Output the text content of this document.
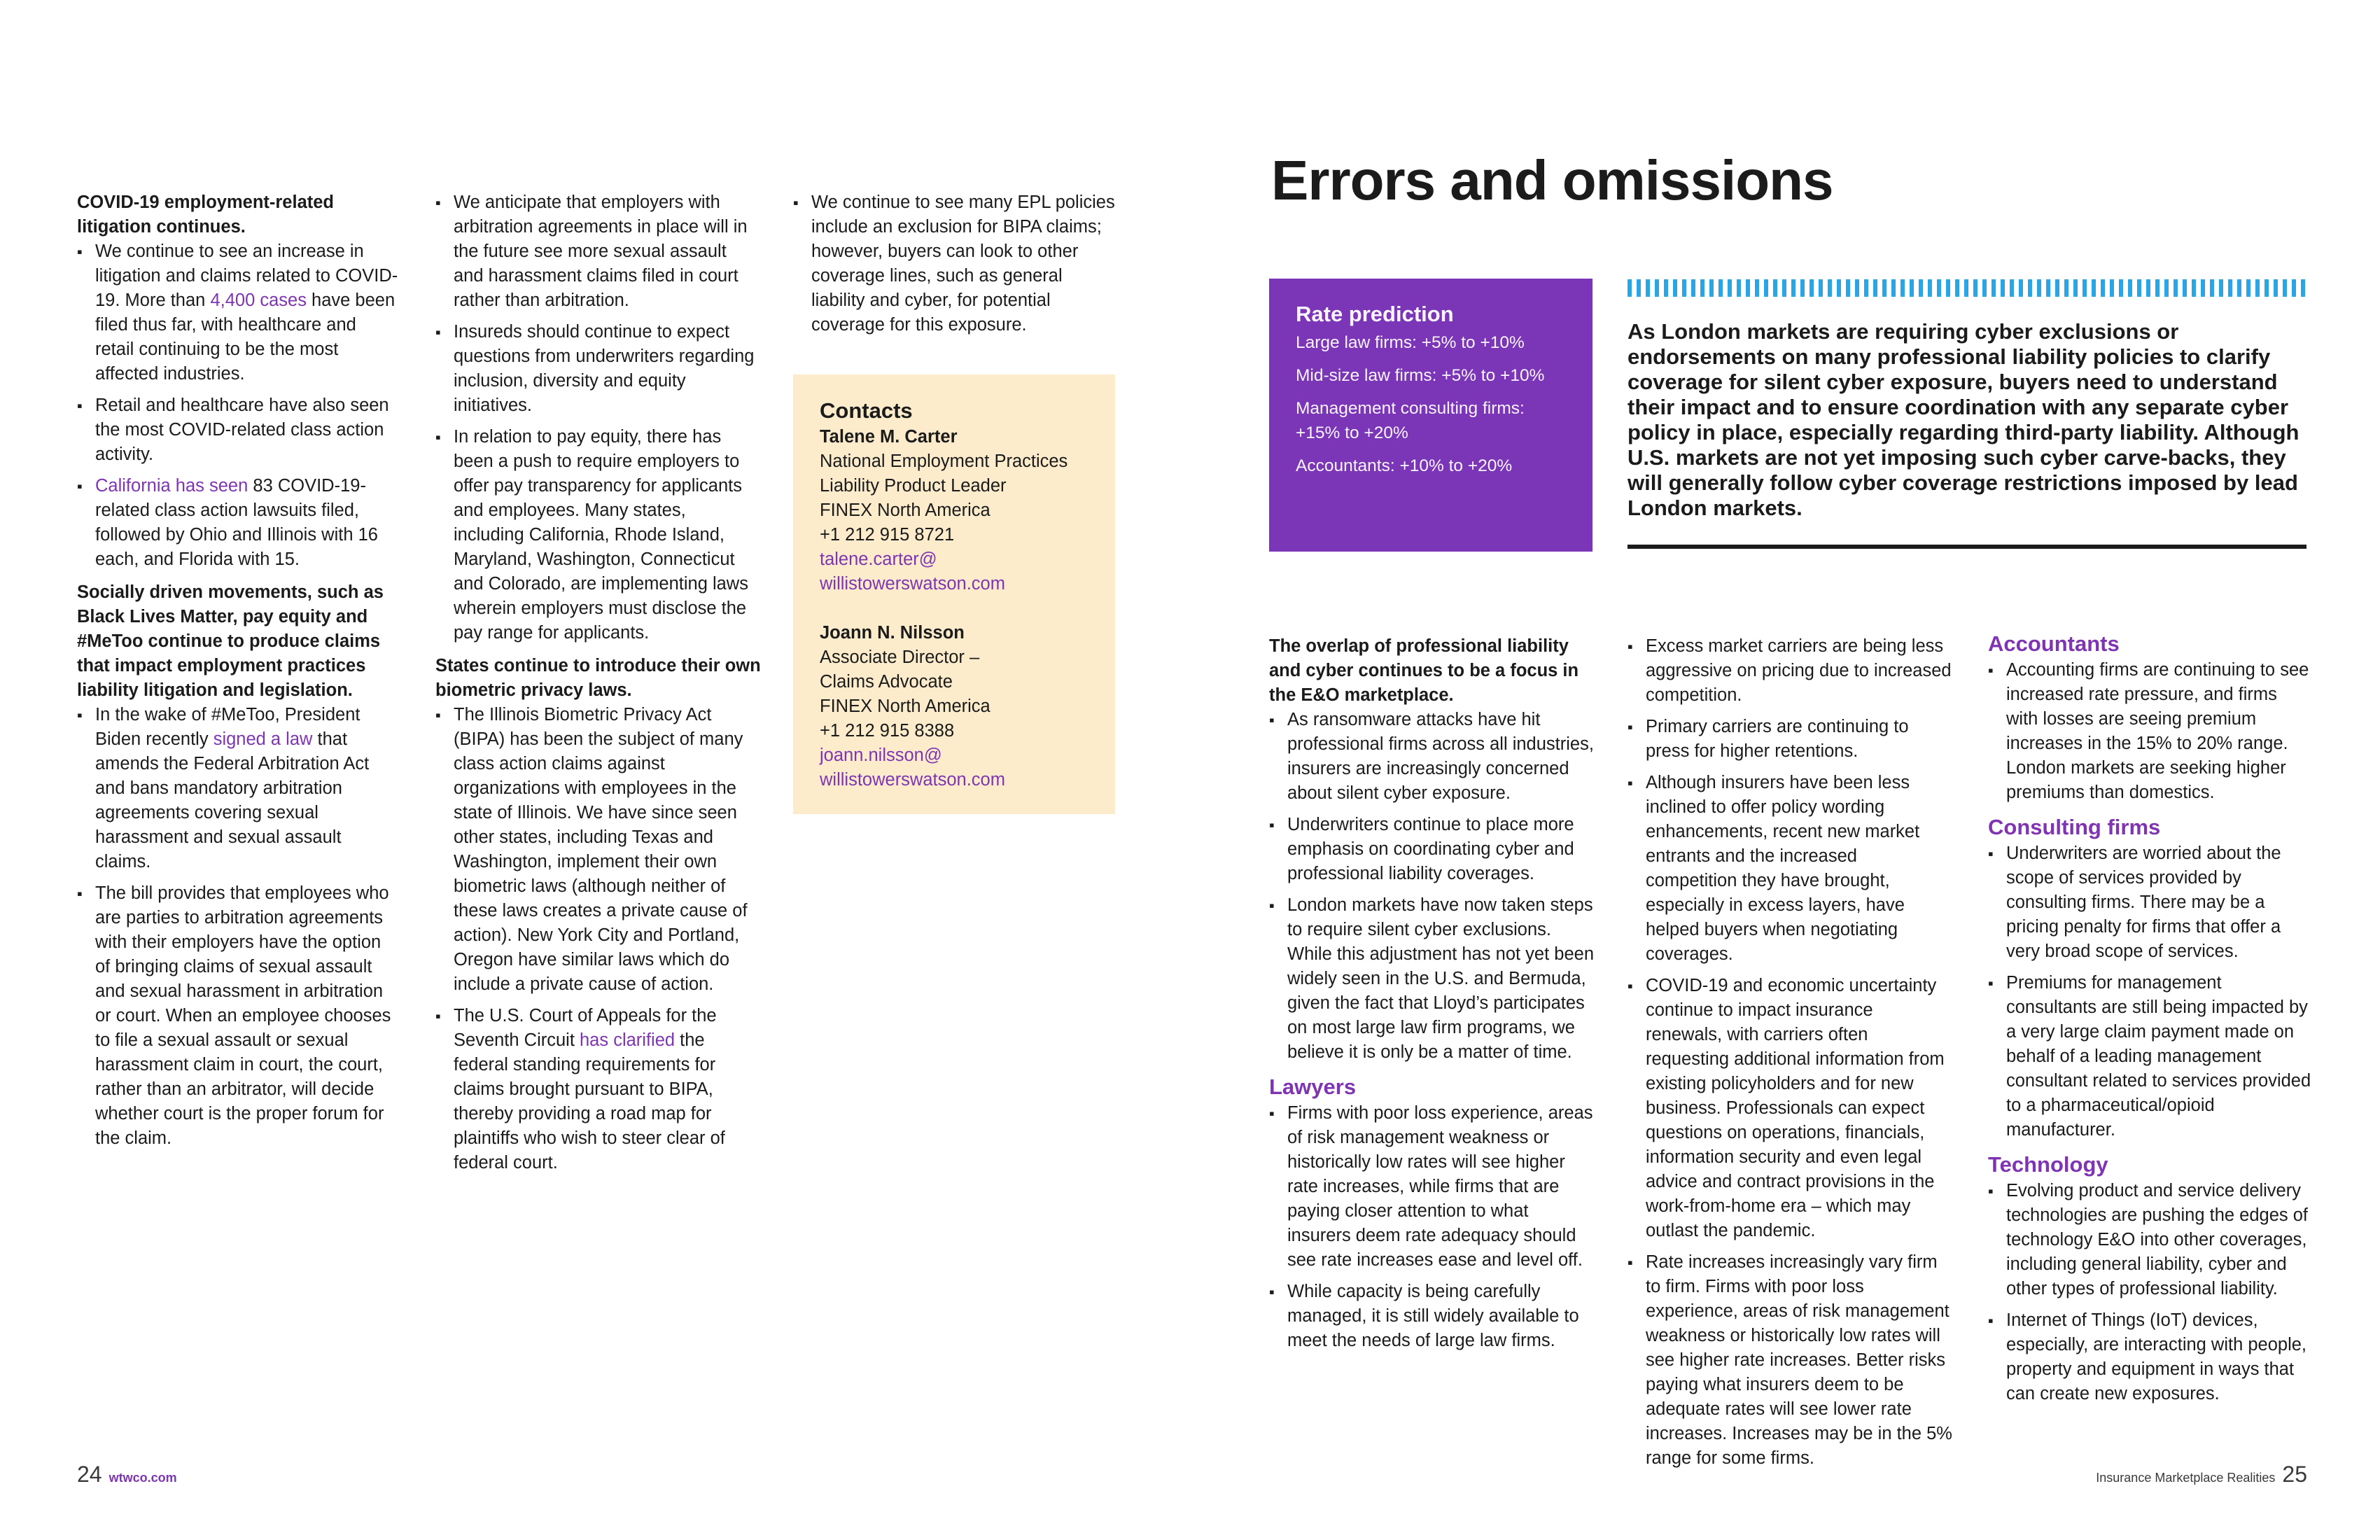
COVID-19 employment-related litigation continues.

▪ We continue to see an increase in litigation and claims related to COVID-19. More than 4,400 cases have been filed thus far, with healthcare and retail continuing to be the most affected industries.
▪ Retail and healthcare have also seen the most COVID-related class action activity.
▪ California has seen 83 COVID-19-related class action lawsuits filed, followed by Ohio and Illinois with 16 each, and Florida with 15.

Socially driven movements, such as Black Lives Matter, pay equity and #MeToo continue to produce claims that impact employment practices liability litigation and legislation.

▪ In the wake of #MeToo, President Biden recently signed a law that amends the Federal Arbitration Act and bans mandatory arbitration agreements covering sexual harassment and sexual assault claims.
▪ The bill provides that employees who are parties to arbitration agreements with their employers have the option of bringing claims of sexual assault and sexual harassment in arbitration or court. When an employee chooses to file a sexual assault or sexual harassment claim in court, the court, rather than an arbitrator, will decide whether court is the proper forum for the claim.
▪ We anticipate that employers with arbitration agreements in place will in the future see more sexual assault and harassment claims filed in court rather than arbitration.
▪ Insureds should continue to expect questions from underwriters regarding inclusion, diversity and equity initiatives.
▪ In relation to pay equity, there has been a push to require employers to offer pay transparency for applicants and employees. Many states, including California, Rhode Island, Maryland, Washington, Connecticut and Colorado, are implementing laws wherein employers must disclose the pay range for applicants.

States continue to introduce their own biometric privacy laws.

▪ The Illinois Biometric Privacy Act (BIPA) has been the subject of many class action claims against organizations with employees in the state of Illinois. We have since seen other states, including Texas and Washington, implement their own biometric laws (although neither of these laws creates a private cause of action). New York City and Portland, Oregon have similar laws which do include a private cause of action.
▪ The U.S. Court of Appeals for the Seventh Circuit has clarified the federal standing requirements for claims brought pursuant to BIPA, thereby providing a road map for plaintiffs who wish to steer clear of federal court.
▪ We continue to see many EPL policies include an exclusion for BIPA claims; however, buyers can look to other coverage lines, such as general liability and cyber, for potential coverage for this exposure.

Contacts

Talene M. Carter

National Employment Practices

Liability Product Leader

FINEX North America

+1 212 915 8721

talene.carter@

willistowerswatson.com

Joann N. Nilsson

Associate Director –

Claims Advocate

FINEX North America

+1 212 915 8388

joann.nilsson@

willistowerswatson.com

Errors and omissions

Rate prediction

Large law firms: +5% to +10%

Mid-size law firms: +5% to +10%

Management consulting firms: +15% to +20%

Accountants: +10% to +20%

As London markets are requiring cyber exclusions or endorsements on many professional liability policies to clarify coverage for silent cyber exposure, buyers need to understand their impact and to ensure coordination with any separate cyber policy in place, especially regarding third-party liability. Although U.S. markets are not yet imposing such cyber carve-backs, they will generally follow cyber coverage restrictions imposed by lead London markets.

The overlap of professional liability and cyber continues to be a focus in the E&O marketplace.

▪ As ransomware attacks have hit professional firms across all industries, insurers are increasingly concerned about silent cyber exposure.
▪ Underwriters continue to place more emphasis on coordinating cyber and professional liability coverages.
▪ London markets have now taken steps to require silent cyber exclusions. While this adjustment has not yet been widely seen in the U.S. and Bermuda, given the fact that Lloyd’s participates on most large law firm programs, we believe it is only be a matter of time.

Lawyers

▪ Firms with poor loss experience, areas of risk management weakness or historically low rates will see higher rate increases, while firms that are paying closer attention to what insurers deem rate adequacy should see rate increases ease and level off.
▪ While capacity is being carefully managed, it is still widely available to meet the needs of large law firms.
▪ Excess market carriers are being less aggressive on pricing due to increased competition.
▪ Primary carriers are continuing to press for higher retentions.
▪ Although insurers have been less inclined to offer policy wording enhancements, recent new market entrants and the increased competition they have brought, especially in excess layers, have helped buyers when negotiating coverages.
▪ COVID-19 and economic uncertainty continue to impact insurance renewals, with carriers often requesting additional information from existing policyholders and for new business. Professionals can expect questions on operations, financials, information security and even legal advice and contract provisions in the work-from-home era – which may outlast the pandemic.
▪ Rate increases increasingly vary firm to firm. Firms with poor loss experience, areas of risk management weakness or historically low rates will see higher rate increases. Better risks paying what insurers deem to be adequate rates will see lower rate increases. Increases may be in the 5% range for some firms.

Accountants

▪ Accounting firms are continuing to see increased rate pressure, and firms with losses are seeing premium increases in the 15% to 20% range. London markets are seeking higher premiums than domestics.

Consulting firms

▪ Underwriters are worried about the scope of services provided by consulting firms. There may be a pricing penalty for firms that offer a very broad scope of services.
▪ Premiums for management consultants are still being impacted by a very large claim payment made on behalf of a leading management consultant related to services provided to a pharmaceutical/opioid manufacturer.

Technology

▪ Evolving product and service delivery technologies are pushing the edges of technology E&O into other coverages, including general liability, cyber and other types of professional liability.
▪ Internet of Things (IoT) devices, especially, are interacting with people, property and equipment in ways that can create new exposures.
24 wtwco.com	Insurance Marketplace Realities 25
